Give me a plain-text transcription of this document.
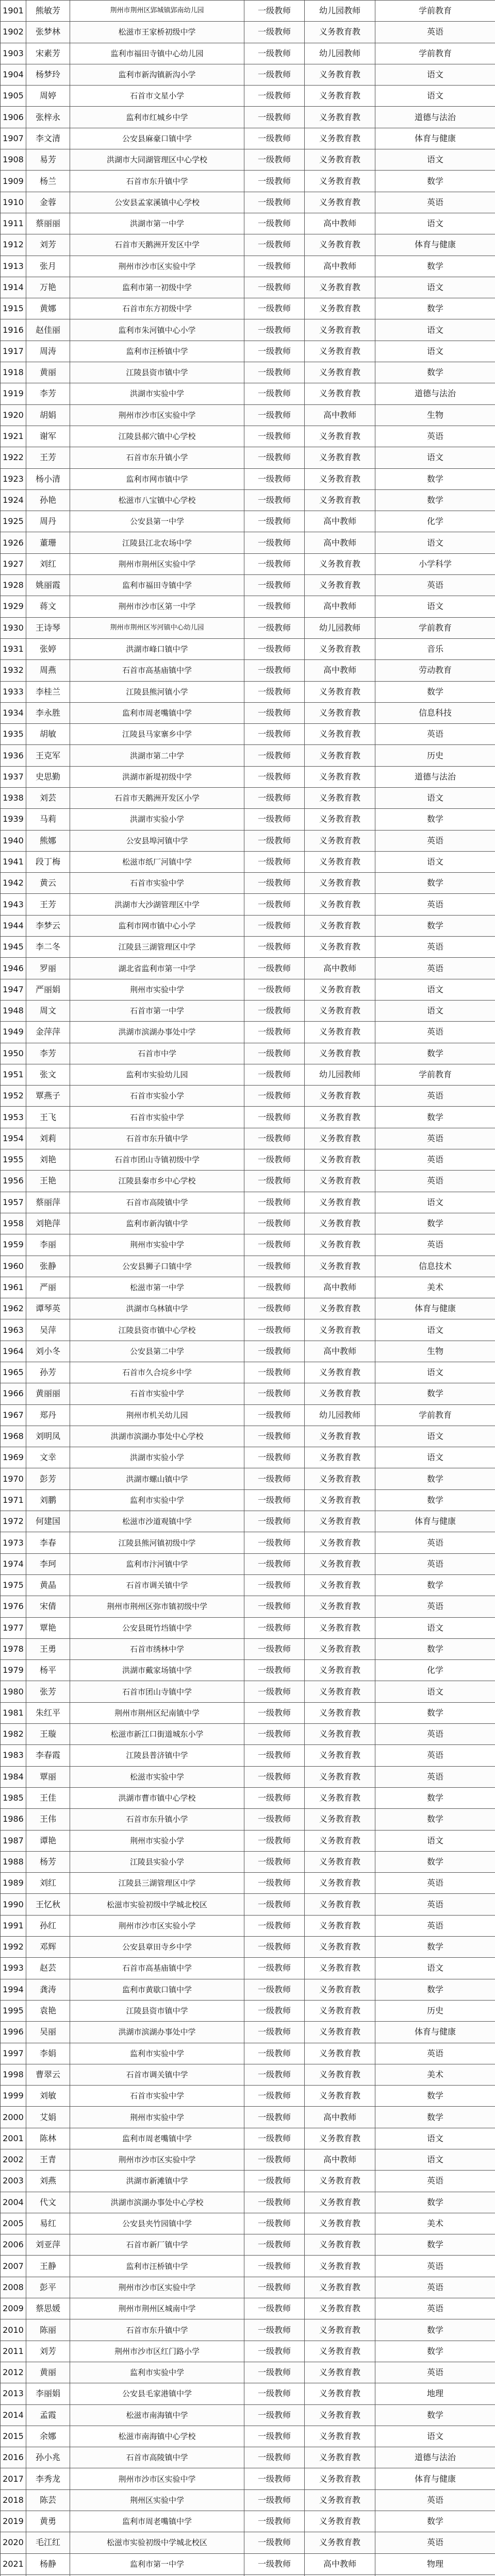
1901	熊敏芳	荆州市荆州区郢城镇郢南幼儿园	一级教师	幼儿园教师	学前教育
1902	张梦林	松滋市王家桥初级中学	一级教师	义务教育教	英语
1903	宋素芳	监利市福田寺镇中心幼儿园	一级教师	幼儿园教师	学前教育
1904	杨梦玲	监利市新沟镇新沟小学	一级教师	义务教育教	语文
1905	周婷	石首市文星小学	一级教师	义务教育教	语文
1906	张梓永	监利市红城乡中学	一级教师	义务教育教	道德与法治
1907	李文清	公安县麻豪口镇中学	一级教师	义务教育教	体育与健康
1908	易芳	洪湖市大同湖管理区中心学校	一级教师	义务教育教	语文
1909	杨兰	石首市东升镇中学	一级教师	义务教育教	数学
1910	金蓉	公安县孟家溪镇中心学校	一级教师	义务教育教	英语
1911	蔡丽丽	洪湖市第一中学	一级教师	高中教师	语文
1912	刘芳	石首市天鹅洲开发区中学	一级教师	义务教育教	体育与健康
1913	张月	荆州市沙市区实验中学	一级教师	高中教师	数学
1914	万艳	监利市第一初级中学	一级教师	义务教育教	语文
1915	黄娜	石首市东方初级中学	一级教师	义务教育教	数学
1916	赵佳丽	监利市朱河镇中心小学	一级教师	义务教育教	语文
1917	周涛	监利市汪桥镇中学	一级教师	义务教育教	语文
1918	黄丽	江陵县资市镇中学	一级教师	义务教育教	数学
1919	李芳	洪湖市实验中学	一级教师	义务教育教	道德与法治
1920	胡娟	荆州市沙市区实验中学	一级教师	高中教师	生物
1921	谢军	江陵县郝穴镇中心学校	一级教师	义务教育教	英语
1922	王芳	石首市东升镇小学	一级教师	义务教育教	语文
1923	杨小清	监利市网市镇中学	一级教师	义务教育教	数学
1924	孙艳	松滋市八宝镇中心学校	一级教师	义务教育教	数学
1925	周丹	公安县第一中学	一级教师	高中教师	化学
1926	董珊	江陵县江北农场中学	一级教师	高中教师	语文
1927	刘红	荆州市荆州区实验中学	一级教师	义务教育教	小学科学
1928	姚丽霞	监利市福田寺镇中学	一级教师	义务教育教	英语
1929	蒋文	荆州市沙市区第一中学	一级教师	高中教师	语文
1930	王诗琴	荆州市荆州区岑河镇中心幼儿园	一级教师	幼儿园教师	学前教育
1931	张婷	洪湖市峰口镇中学	一级教师	义务教育教	音乐
1932	周燕	石首市高基庙镇中学	一级教师	高中教师	劳动教育
1933	李桂兰	江陵县熊河镇小学	一级教师	义务教育教	数学
1934	李永胜	监利市周老嘴镇中学	一级教师	义务教育教	信息科技
1935	胡敏	江陵县马家寨乡中学	一级教师	义务教育教	英语
1936	王克军	洪湖市第二中学	一级教师	义务教育教	历史
1937	史思勤	洪湖市新堤初级中学	一级教师	义务教育教	道德与法治
1938	刘芸	石首市天鹅洲开发区小学	一级教师	义务教育教	语文
1939	马莉	洪湖市实验小学	一级教师	义务教育教	数学
1940	熊娜	公安县埠河镇中学	一级教师	义务教育教	英语
1941	段丁梅	松滋市纸厂河镇中学	一级教师	义务教育教	语文
1942	黄云	石首市实验中学	一级教师	义务教育教	数学
1943	王芳	洪湖市大沙湖管理区中学	一级教师	义务教育教	英语
1944	李梦云	监利市网市镇中心小学	一级教师	义务教育教	数学
1945	李二冬	江陵县三湖管理区中学	一级教师	义务教育教	英语
1946	罗丽	湖北省监利市第一中学	一级教师	高中教师	英语
1947	严丽娟	荆州市实验中学	一级教师	义务教育教	语文
1948	周文	石首市第一中学	一级教师	义务教育教	语文
1949	金萍萍	洪湖市滨湖办事处中学	一级教师	义务教育教	英语
1950	李芳	石首市中学	一级教师	义务教育教	数学
1951	张文	监利市实验幼儿园	一级教师	幼儿园教师	学前教育
1952	覃燕子	石首市实验小学	一级教师	义务教育教	英语
1953	王飞	石首市实验中学	一级教师	义务教育教	数学
1954	刘莉	石首市东升镇中学	一级教师	义务教育教	英语
1955	刘艳	石首市团山寺镇初级中学	一级教师	义务教育教	英语
1956	王艳	江陵县秦市乡中心学校	一级教师	义务教育教	英语
1957	蔡丽萍	石首市高陵镇中学	一级教师	义务教育教	语文
1958	刘艳萍	监利市新沟镇中学	一级教师	义务教育教	数学
1959	李丽	荆州市实验中学	一级教师	义务教育教	英语
1960	张静	公安县狮子口镇中学	一级教师	义务教育教	信息技术
1961	严丽	松滋市第一中学	一级教师	高中教师	美术
1962	谭琴英	洪湖市乌林镇中学	一级教师	义务教育教	体育与健康
1963	吴萍	江陵县资市镇中心学校	一级教师	义务教育教	语文
1964	刘小冬	公安县第二中学	一级教师	高中教师	生物
1965	孙芳	石首市久合垸乡中学	一级教师	义务教育教	语文
1966	黄丽丽	石首市实验中学	一级教师	义务教育教	数学
1967	郑丹	荆州市机关幼儿园	一级教师	幼儿园教师	学前教育
1968	刘明凤	洪湖市滨湖办事处中心学校	一级教师	义务教育教	语文
1969	文幸	洪湖市实验小学	一级教师	义务教育教	语文
1970	彭芳	洪湖市螺山镇中学	一级教师	义务教育教	数学
1971	刘鹏	监利市实验中学	一级教师	义务教育教	数学
1972	何建国	松滋市沙道观镇中学	一级教师	义务教育教	体育与健康
1973	李春	江陵县熊河镇初级中学	一级教师	义务教育教	英语
1974	李珂	监利市汴河镇中学	一级教师	义务教育教	英语
1975	黄晶	石首市调关镇中学	一级教师	义务教育教	数学
1976	宋倩	荆州市荆州区弥市镇初级中学	一级教师	义务教育教	英语
1977	覃艳	公安县斑竹垱镇中学	一级教师	义务教育教	语文
1978	王勇	石首市绣林中学	一级教师	义务教育教	数学
1979	杨平	洪湖市戴家场镇中学	一级教师	义务教育教	化学
1980	张芳	石首市团山寺镇中学	一级教师	义务教育教	语文
1981	朱红平	荆州市荆州区纪南镇中学	一级教师	义务教育教	数学
1982	王璇	松滋市新江口街道城东小学	一级教师	义务教育教	英语
1983	李春霞	江陵县普济镇中学	一级教师	义务教育教	英语
1984	覃丽	松滋市实验中学	一级教师	义务教育教	英语
1985	王佳	洪湖市曹市镇中心学校	一级教师	义务教育教	数学
1986	王伟	石首市东升镇小学	一级教师	义务教育教	数学
1987	谭艳	荆州市实验小学	一级教师	义务教育教	语文
1988	杨芳	江陵县实验小学	一级教师	义务教育教	数学
1989	刘红	江陵县三湖管理区中学	一级教师	义务教育教	英语
1990	王忆秋	松滋市实验初级中学城北校区	一级教师	义务教育教	英语
1991	孙红	荆州市沙市区实验小学	一级教师	义务教育教	英语
1992	邓辉	公安县章田寺乡中学	一级教师	义务教育教	数学
1993	赵芸	石首市高基庙镇中学	一级教师	义务教育教	语文
1994	龚涛	监利市黄歇口镇中学	一级教师	义务教育教	数学
1995	袁艳	江陵县资市镇中学	一级教师	义务教育教	历史
1996	吴丽	洪湖市滨湖办事处中学	一级教师	义务教育教	体育与健康
1997	李娟	监利市实验中学	一级教师	义务教育教	英语
1998	曹翠云	石首市调关镇中学	一级教师	义务教育教	美术
1999	刘敏	石首市实验中学	一级教师	义务教育教	数学
2000	艾娟	荆州市实验中学	一级教师	高中教师	数学
2001	陈林	监利市周老嘴镇中学	一级教师	义务教育教	语文
2002	王青	荆州市沙市区实验中学	一级教师	高中教师	语文
2003	刘燕	洪湖市新滩镇中学	一级教师	义务教育教	英语
2004	代文	洪湖市滨湖办事处中心学校	一级教师	义务教育教	数学
2005	易红	公安县夹竹园镇中学	一级教师	义务教育教	美术
2006	刘亚萍	石首市新厂镇中学	一级教师	义务教育教	数学
2007	王静	监利市汪桥镇中学	一级教师	义务教育教	英语
2008	彭平	荆州市沙市区实验中学	一级教师	义务教育教	英语
2009	蔡思媛	荆州市荆州区城南中学	一级教师	义务教育教	英语
2010	陈丽	石首市东升镇中学	一级教师	义务教育教	数学
2011	刘芳	荆州市沙市区红门路小学	一级教师	义务教育教	数学
2012	黄丽	监利市实验中学	一级教师	义务教育教	英语
2013	李丽娟	公安县毛家港镇中学	一级教师	义务教育教	地理
2014	孟霞	松滋市南海镇中学	一级教师	义务教育教	数学
2015	余娜	松滋市南海镇中心学校	一级教师	义务教育教	语文
2016	孙小兆	石首市高陵镇中学	一级教师	义务教育教	道德与法治
2017	李秀龙	荆州市沙市区实验中学	一级教师	义务教育教	体育与健康
2018	陈芸	荆州区实验中学	一级教师	义务教育教	英语
2019	黄勇	监利市周老嘴镇中学	一级教师	义务教育教	数学
2020	毛江红	松滋市实验初级中学城北校区	一级教师	义务教育教	英语
2021	杨静	监利市第一中学	一级教师	高中教师	物理
